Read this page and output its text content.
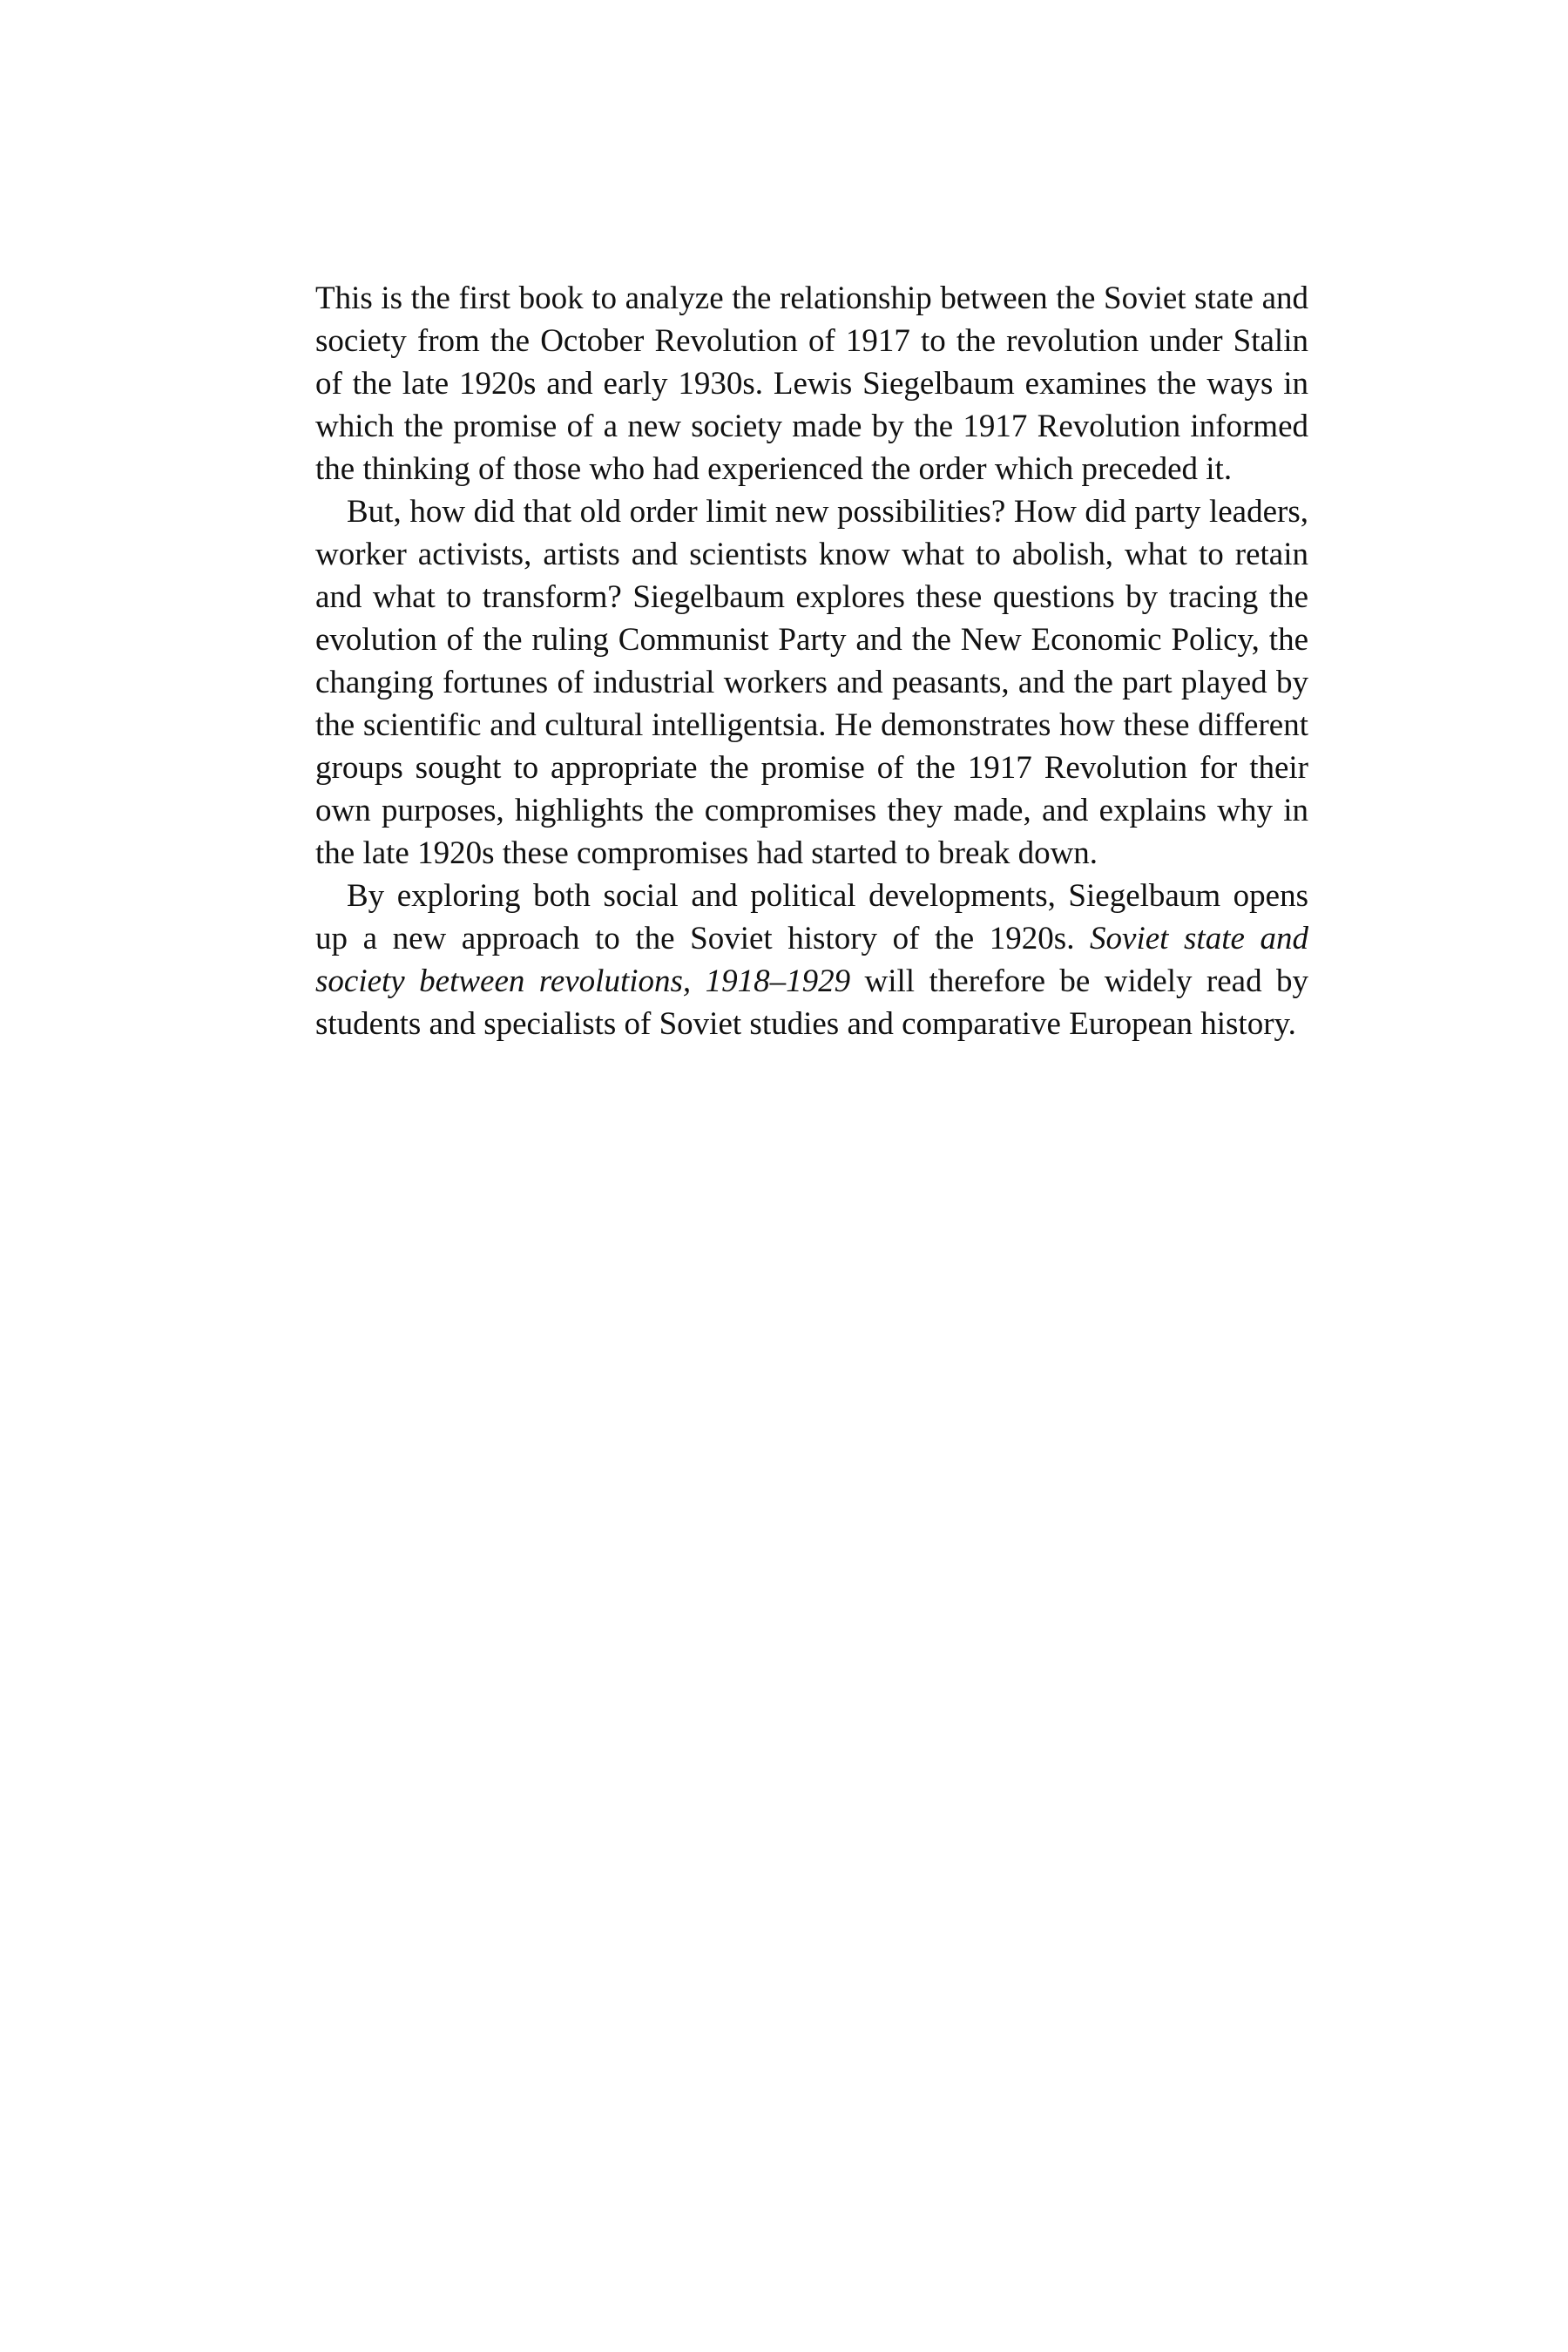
This is the first book to analyze the relationship between the Soviet state and society from the October Revolution of 1917 to the revolution under Stalin of the late 1920s and early 1930s. Lewis Siegelbaum examines the ways in which the promise of a new society made by the 1917 Revolution informed the thinking of those who had experienced the order which preceded it.

But, how did that old order limit new possibilities? How did party leaders, worker activists, artists and scientists know what to abolish, what to retain and what to transform? Siegelbaum explores these questions by tracing the evolution of the ruling Communist Party and the New Economic Policy, the changing fortunes of industrial workers and peasants, and the part played by the scientific and cultural intelligentsia. He demonstrates how these different groups sought to appropriate the promise of the 1917 Revolution for their own purposes, highlights the compromises they made, and explains why in the late 1920s these compromises had started to break down.

By exploring both social and political developments, Siegelbaum opens up a new approach to the Soviet history of the 1920s. Soviet state and society between revolutions, 1918–1929 will therefore be widely read by students and specialists of Soviet studies and comparative European history.
